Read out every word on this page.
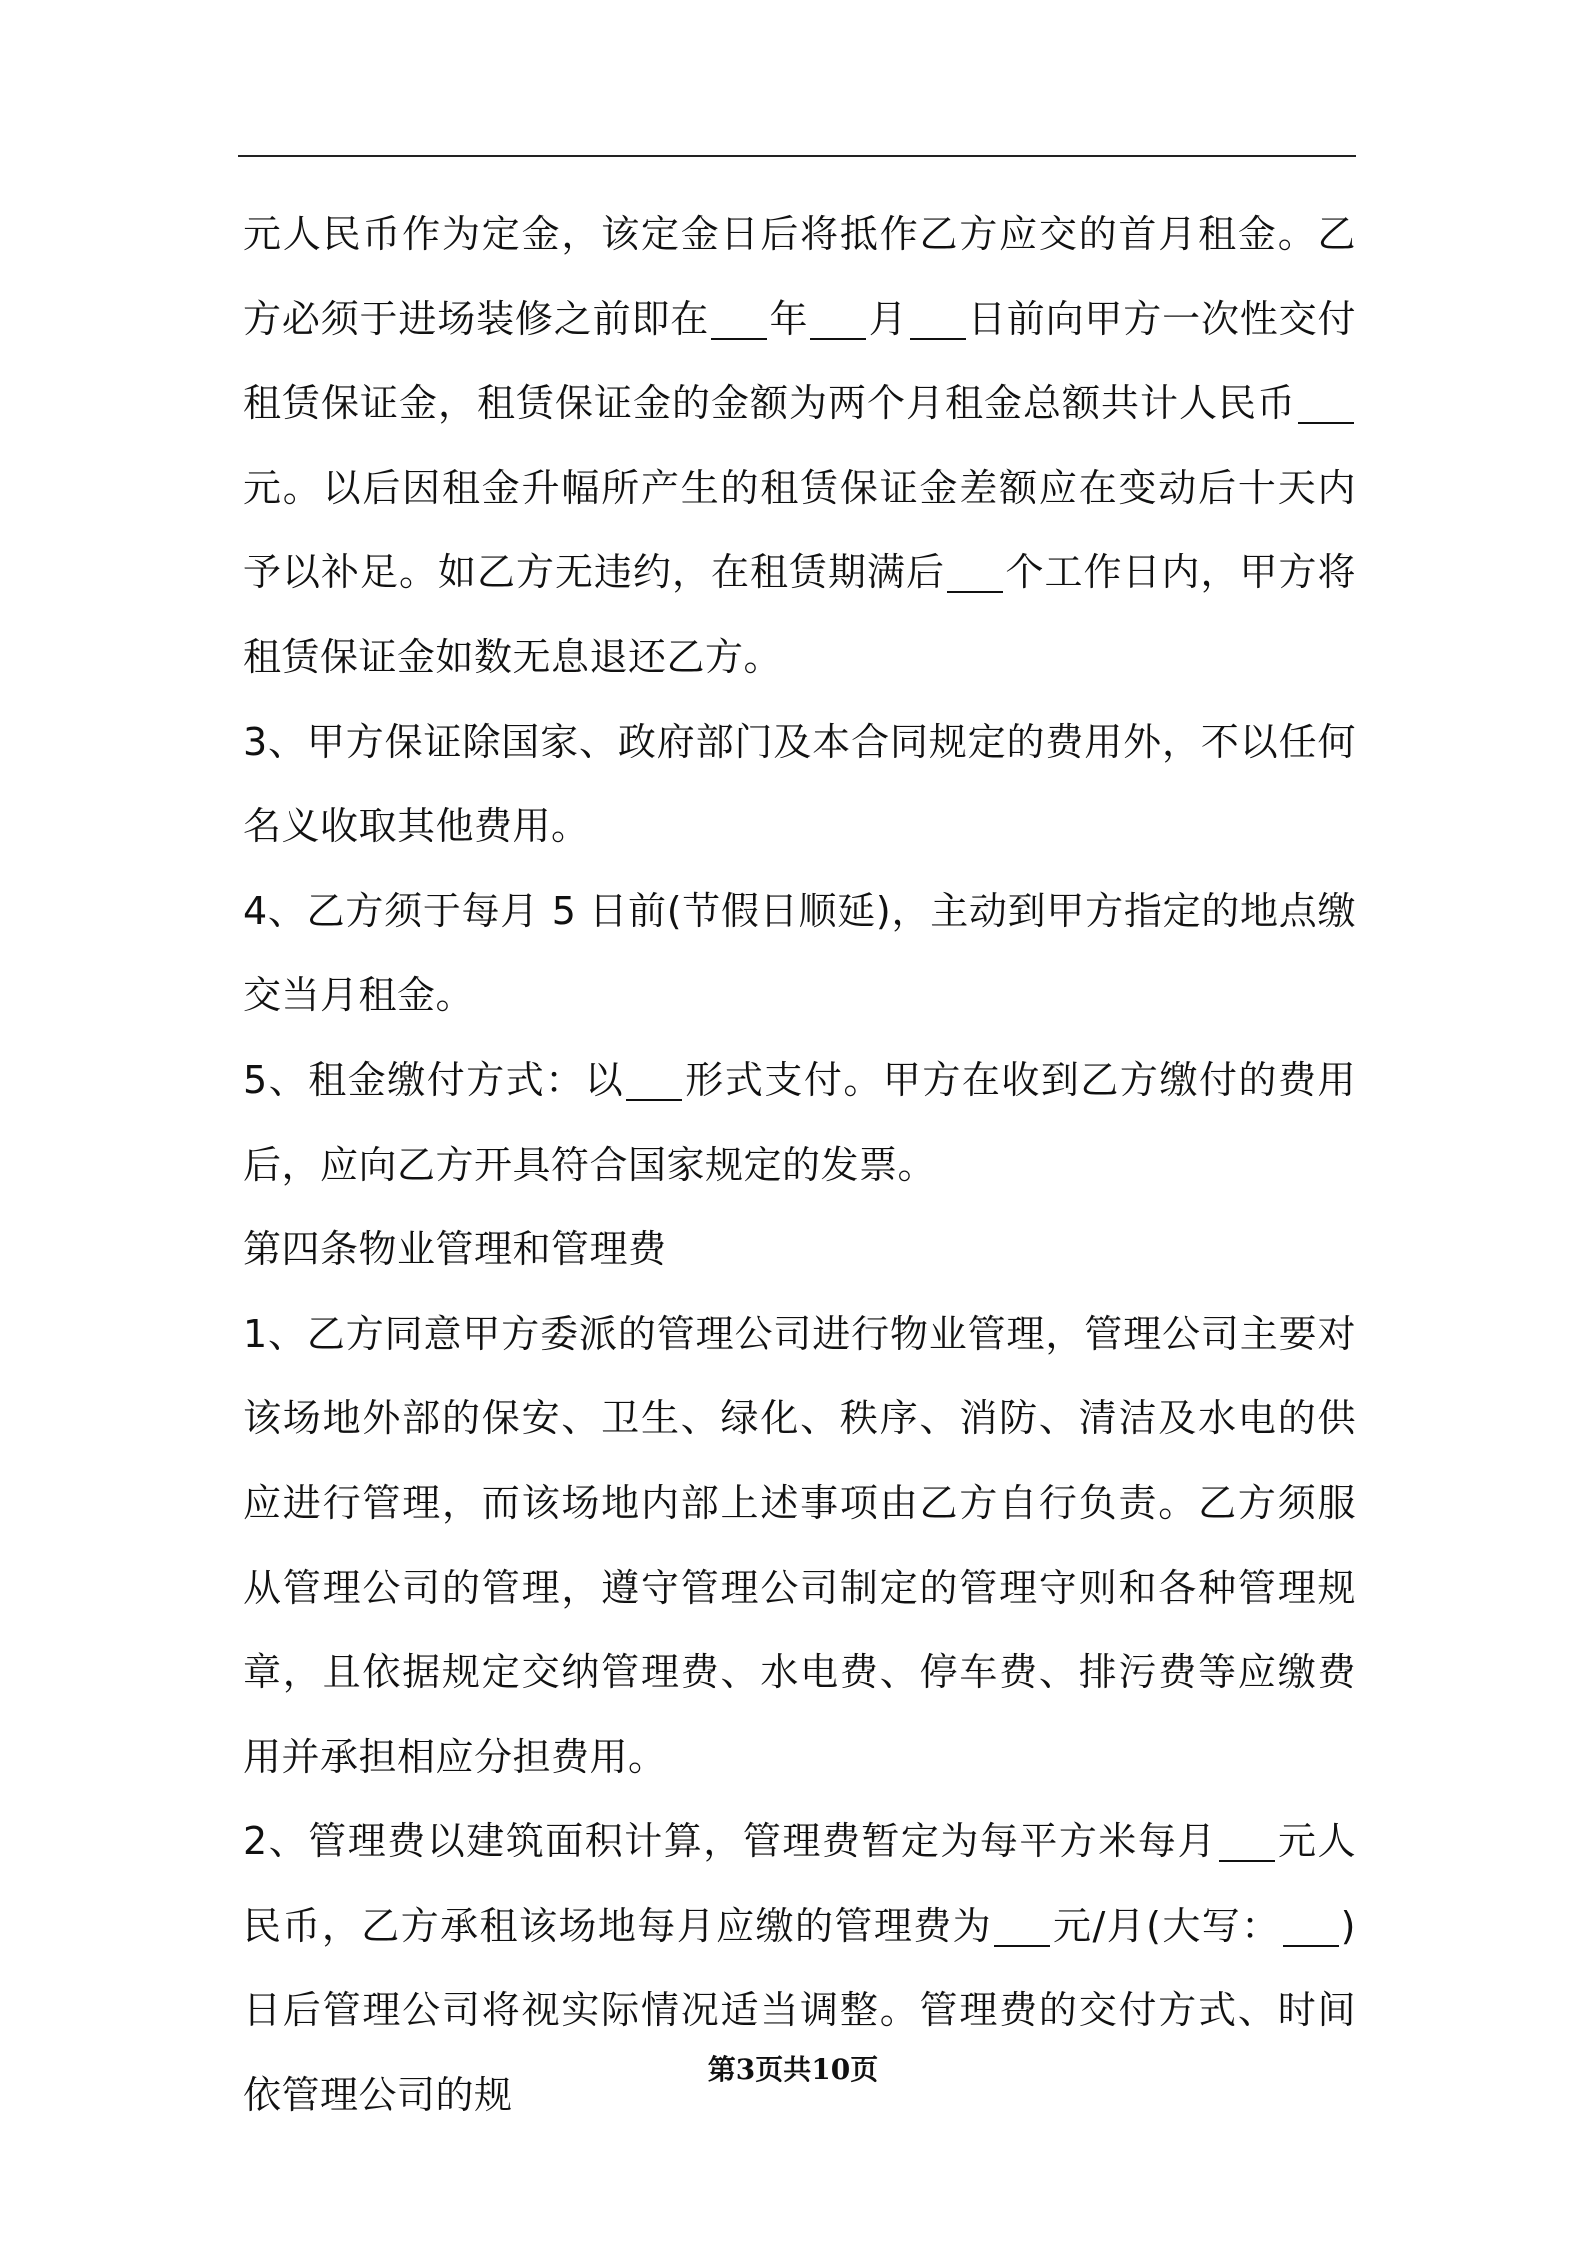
元人民币作为定金，该定金日后将抵作乙方应交的首月租金。乙方必须于进场装修之前即在 年 月 日前向甲方一次性交付租赁保证金，租赁保证金的金额为两个月租金总额共计人民币元。以后因租金升幅所产生的租赁保证金差额应在变动后十天内予以补足。如乙方无违约，在租赁期满后 个工作日内，甲方将租赁保证金如数无息退还乙方。

3、甲方保证除国家、政府部门及本合同规定的费用外，不以任何名义收取其他费用。

4、乙方须于每月 5 日前(节假日顺延)，主动到甲方指定的地点缴交当月租金。

5、租金缴付方式：以 形式支付。甲方在收到乙方缴付的费用后，应向乙方开具符合国家规定的发票。

第四条物业管理和管理费

1、乙方同意甲方委派的管理公司进行物业管理，管理公司主要对该场地外部的保安、卫生、绿化、秩序、消防、清洁及水电的供应进行管理，而该场地内部上述事项由乙方自行负责。乙方须服从管理公司的管理，遵守管理公司制定的管理守则和各种管理规章，且依据规定交纳管理费、水电费、停车费、排污费等应缴费用并承担相应分担费用。

2、管理费以建筑面积计算，管理费暂定为每平方米每月 元人民币，乙方承租该场地每月应缴的管理费为 元/月(大写： )日后管理公司将视实际情况适当调整。管理费的交付方式、时间依管理公司的规

第3页共10页
